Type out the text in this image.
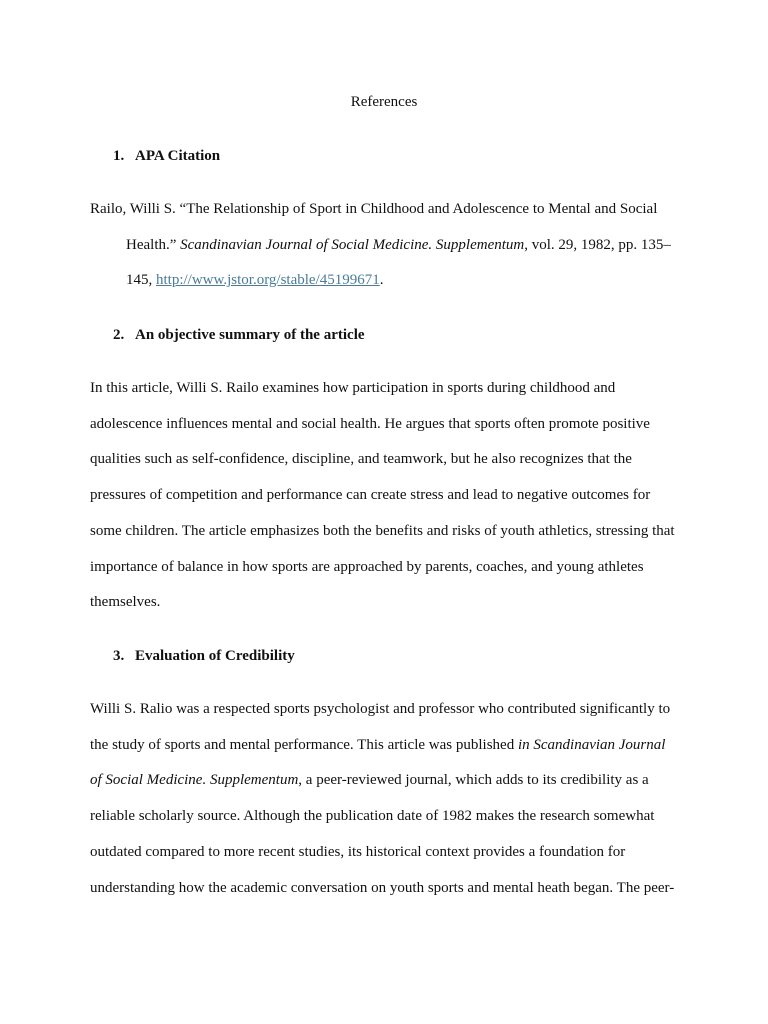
References
1. APA Citation
Railo, Willi S. “The Relationship of Sport in Childhood and Adolescence to Mental and Social
Health.” Scandinavian Journal of Social Medicine. Supplementum, vol. 29, 1982, pp. 135–
145, http://www.jstor.org/stable/45199671.
2. An objective summary of the article
In this article, Willi S. Railo examines how participation in sports during childhood and
adolescence influences mental and social health. He argues that sports often promote positive
qualities such as self-confidence, discipline, and teamwork, but he also recognizes that the
pressures of competition and performance can create stress and lead to negative outcomes for
some children. The article emphasizes both the benefits and risks of youth athletics, stressing that
importance of balance in how sports are approached by parents, coaches, and young athletes
themselves.
3. Evaluation of Credibility
Willi S. Ralio was a respected sports psychologist and professor who contributed significantly to
the study of sports and mental performance. This article was published in Scandinavian Journal
of Social Medicine. Supplementum, a peer-reviewed journal, which adds to its credibility as a
reliable scholarly source. Although the publication date of 1982 makes the research somewhat
outdated compared to more recent studies, its historical context provides a foundation for
understanding how the academic conversation on youth sports and mental heath began. The peer-
